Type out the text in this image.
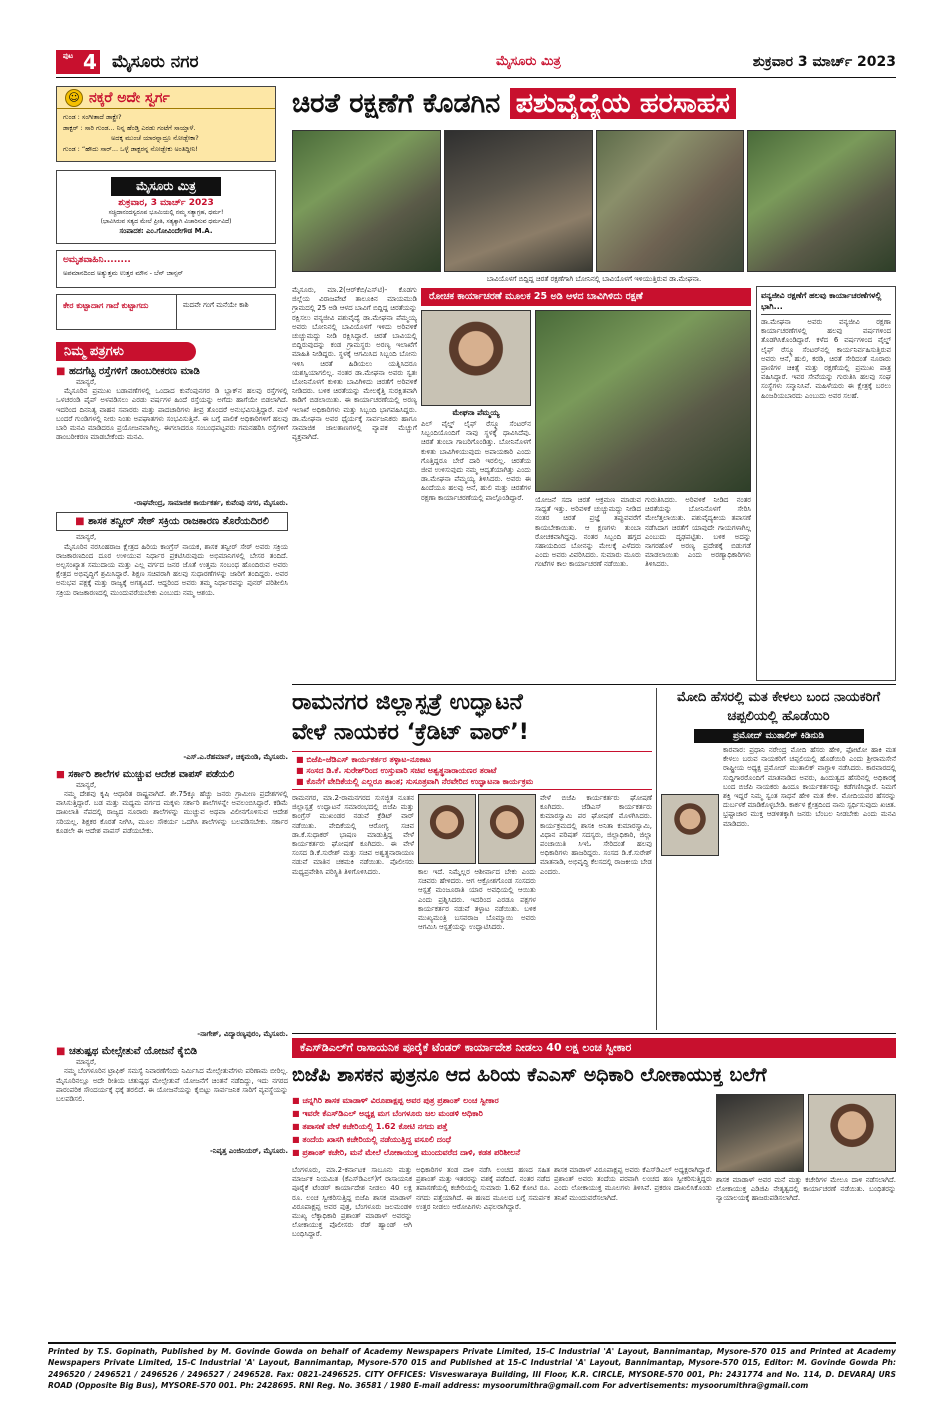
ಪುಟ 4 ಮೈಸೂರು ನಗರ	ಮೈಸೂರು ಮಿತ್ರ	ಶುಕ್ರವಾರ 3 ಮಾರ್ಚ್ 2023
☺ ನಕ್ಕರೆ ಅದೇ ಸ್ವರ್ಗ
ಗುಂಡ : ಸಂಗೀತಾದೆ ಡಾಕ್ಟ್ರೇ?
ಡಾಕ್ಟರ್ : ಸಾರಿ ಗುಂಡ... ನಿನ್ನ ಹೆಂಡ್ತಿ ಎರಡು ಗಂಟೆಗೆ ಸಾಯ್ತಾಳೆ.
ಅದಕ್ಕ ಮುಂಚೆ ಯಾರನ್ನಾದ್ರೂ ನೋಡ್ಬೇಕಾ?
ಗುಂಡ : “ಹೌದು ಸಾರ್... ಒಳ್ಳೆ ಡಾಕ್ಟರನ್ನ ನೋಡ್ಬೇಕು ಅಂತಿದ್ದೀನಿ!
ಮೈಸೂರು ಮಿತ್ರ
ಶುಕ್ರವಾರ, 3 ಮಾರ್ಚ್ 2023
ಸಚ್ಚಿದಾನಂದಸ್ವರೂಪ ಭೂಮಿಯಲ್ಲಿ ನಮ್ಮ ಸತ್ಯಾಗ್ರಹ, ಧರ್ಮ!
(ಭಾವಿಸಿರುವ ಸತ್ಯದ ಮೇಲೆ ಪ್ರೀತಿ, ಸತ್ಯಕ್ಕಾಗಿ ವಿಚಾರಿಸುವ ಧರ್ಮವಿದೆ)
ಸಂಪಾದಕ: ಎಂ.ಗೋವಿಂದೇಗೌಡ M.A.
ಅಮೃತವಾಹಿನಿ........
ಅಪಮಾನದಿಂದ ಅತ್ಯುತ್ತಮ ಉತ್ತರ ಮೌನ - ಬೆನ್ ಜಾನ್ಸನ್
ಕೇರ ಕುಟ್ಟಾದಾಗ ಗಾದೆ ಕುಟ್ಟಾಗದು	ಮದವೇ ಗಂಗೆ ಮನೆಯೇ ಕಾಶಿ
ನಿಮ್ಮ ಪತ್ರಗಳು
■ ಹದಗೆಟ್ಟ ರಸ್ತೆಗಳಿಗೆ ಡಾಂಬರೀಕರಣ ಮಾಡಿ
ಮಾನ್ಯರೆ,
ಮೈಸೂರಿನ ಪ್ರಮುಖ ಬಡಾವಣೆಗಳಲ್ಲಿ ಒಂದಾದ ಕುವೆಂಪುನಗರ ಡಿ ಬ್ಲಾಕ್‌ನ ಹಲವು ರಸ್ತೆಗಳಲ್ಲಿ ಒಳಚರಂಡಿ ಪೈಪ್ ಅಳವಡಿಸಲು ಎರಡು ವರ್ಷಗಳ ಹಿಂದೆ ರಸ್ತೆಯನ್ನು ಅಗೆದು ಹಾಗೆಯೇ ಬಿಡಲಾಗಿದೆ. ಇದರಿಂದ ದಿನನಿತ್ಯ ವಾಹನ ಸವಾರರು ಮತ್ತು ಪಾದಚಾರಿಗಳು ತೀವ್ರ ತೊಂದರೆ ಅನುಭವಿಸುತ್ತಿದ್ದಾರೆ. ಮಳೆ ಬಂದರೆ ಗುಂಡಿಗಳಲ್ಲಿ ನೀರು ನಿಂತು ಅಪಘಾತಗಳು ಸಂಭವಿಸುತ್ತಿವೆ. ಈ ಬಗ್ಗೆ ಪಾಲಿಕೆ ಅಧಿಕಾರಿಗಳಿಗೆ ಹಲವು ಬಾರಿ ಮನವಿ ಮಾಡಿದರೂ ಪ್ರಯೋಜನವಾಗಿಲ್ಲ. ಈಗಲಾದರೂ ಸಂಬಂಧಪಟ್ಟವರು ಗಮನಹರಿಸಿ ರಸ್ತೆಗಳಿಗೆ ಡಾಂಬರೀಕರಣ ಮಾಡಬೇಕೆಂದು ಮನವಿ.
-ರಾಘವೇಂದ್ರ, ಸಾಮಾಜಿಕ ಕಾರ್ಯಕರ್ತ, ಕುವೆಂಪು ನಗರ, ಮೈಸೂರು.
■ ಶಾಸಕ ತನ್ವೀರ್ ಸೇಠ್ ಸಕ್ರಿಯ ರಾಜಕಾರಣ ತೊರೆಯದಿರಲಿ
ಮಾನ್ಯರೆ,
ಮೈಸೂರಿನ ನರಸಿಂಹರಾಜ ಕ್ಷೇತ್ರದ ಹಿರಿಯ ಕಾಂಗ್ರೆಸ್ ನಾಯಕ, ಶಾಸಕ ತನ್ವೀರ್ ಸೇಠ್ ಅವರು ಸಕ್ರಿಯ ರಾಜಕಾರಣದಿಂದ ದೂರ ಉಳಿಯುವ ನಿರ್ಧಾರ ಪ್ರಕಟಿಸಿರುವುದು ಅಭಿಮಾನಿಗಳಲ್ಲಿ ಬೇಸರ ತಂದಿದೆ. ಅಲ್ಪಸಂಖ್ಯಾತ ಸಮುದಾಯ ಮತ್ತು ಎಲ್ಲ ವರ್ಗದ ಜನರ ಜೊತೆ ಉತ್ತಮ ಸಂಬಂಧ ಹೊಂದಿರುವ ಅವರು ಕ್ಷೇತ್ರದ ಅಭಿವೃದ್ಧಿಗೆ ಶ್ರಮಿಸಿದ್ದಾರೆ. ಶಿಕ್ಷಣ ಸಚಿವರಾಗಿ ಹಲವು ಸುಧಾರಣೆಗಳನ್ನು ಜಾರಿಗೆ ತಂದಿದ್ದರು. ಅವರ ಅನುಭವ ಪಕ್ಷಕ್ಕೆ ಮತ್ತು ರಾಜ್ಯಕ್ಕೆ ಅಗತ್ಯವಿದೆ. ಆದ್ದರಿಂದ ಅವರು ತಮ್ಮ ನಿರ್ಧಾರವನ್ನು ಪುನರ್ ಪರಿಶೀಲಿಸಿ ಸಕ್ರಿಯ ರಾಜಕಾರಣದಲ್ಲಿ ಮುಂದುವರೆಯಬೇಕು ಎಂಬುದು ನಮ್ಮ ಆಶಯ.
-ಎಸ್.ಎ.ರೆಹಮಾನ್, ಚಿಕ್ಕಮಂಡಿ, ಮೈಸೂರು.
■ ಸರ್ಕಾರಿ ಶಾಲೆಗಳ ಮುಚ್ಚುವ ಆದೇಶ ವಾಪಸ್ ಪಡೆಯಲಿ
ಮಾನ್ಯರೆ,
ನಮ್ಮ ದೇಶವು ಕೃಷಿ ಆಧಾರಿತ ರಾಷ್ಟ್ರವಾಗಿದೆ. ಶೇ.75ಕ್ಕೂ ಹೆಚ್ಚು ಜನರು ಗ್ರಾಮೀಣ ಪ್ರದೇಶಗಳಲ್ಲಿ ವಾಸಿಸುತ್ತಿದ್ದಾರೆ. ಬಡ ಮತ್ತು ಮಧ್ಯಮ ವರ್ಗದ ಮಕ್ಕಳು ಸರ್ಕಾರಿ ಶಾಲೆಗಳನ್ನೇ ಅವಲಂಬಿಸಿದ್ದಾರೆ. ಕಡಿಮೆ ದಾಖಲಾತಿ ನೆಪದಲ್ಲಿ ರಾಜ್ಯದ ನೂರಾರು ಶಾಲೆಗಳನ್ನು ಮುಚ್ಚುವ ಅಥವಾ ವಿಲೀನಗೊಳಿಸುವ ಆದೇಶ ಸರಿಯಲ್ಲ. ಶಿಕ್ಷಕರ ಕೊರತೆ ನೀಗಿಸಿ, ಮೂಲ ಸೌಕರ್ಯ ಒದಗಿಸಿ ಶಾಲೆಗಳನ್ನು ಬಲಪಡಿಸಬೇಕು. ಸರ್ಕಾರ ಕೂಡಲೇ ಈ ಆದೇಶ ವಾಪಸ್ ಪಡೆಯಬೇಕು.
-ನಾಗೇಶ್, ವಿದ್ಯಾರಣ್ಯಪುರಂ, ಮೈಸೂರು.
■ ಚತುಷ್ಪಥ ಮೇಲ್ಸೇತುವೆ ಯೋಜನೆ ಕೈಬಿಡಿ
ಮಾನ್ಯರೆ,
ನಮ್ಮ ಬೆಂಗಳೂರಿನ ಟ್ರಾಫಿಕ್ ಸಮಸ್ಯೆ ನಿವಾರಣೆಗೆಂದು ನಿರ್ಮಿಸಿದ ಮೇಲ್ಸೇತುವೆಗಳು ಪರಿಣಾಮ ಬೀರಿಲ್ಲ. ಮೈಸೂರಿನಲ್ಲೂ ಅದೇ ರೀತಿಯ ಚತುಷ್ಪಥ ಮೇಲ್ಸೇತುವೆ ಯೋಜನೆಗೆ ಚಿಂತನೆ ನಡೆದಿದ್ದು, ಇದು ನಗರದ ಪಾರಂಪರಿಕ ಸೌಂದರ್ಯಕ್ಕೆ ಧಕ್ಕೆ ತರಲಿದೆ. ಈ ಯೋಜನೆಯನ್ನು ಕೈಬಿಟ್ಟು ಸಾರ್ವಜನಿಕ ಸಾರಿಗೆ ವ್ಯವಸ್ಥೆಯನ್ನು ಬಲಪಡಿಸಲಿ.
-ನಿವೃತ್ತ ಎಂಜಿನಿಯರ್, ಮೈಸೂರು.
ಚಿರತೆ ರಕ್ಷಣೆಗೆ ಕೊಡಗಿನ ಪಶುವೈದ್ಯೆಯ ಹರಸಾಹಸ
ಬಾವಿಯೊಳಗೆ ಬಿದ್ದಿದ್ದ ಚಿರತೆ ರಕ್ಷಣೆಗಾಗಿ ಬೋನಿನಲ್ಲಿ ಬಾವಿಯೊಳಗೆ ಇಳಿಯುತ್ತಿರುವ ಡಾ.ಮೇಘನಾ.
ಮೈಸೂರು, ಮಾ.2(ಆರ್‌ಕೆಬಿ/ಎಸ್‌ಟಿ)- ಕೊಡಗು ಜಿಲ್ಲೆಯ ವಿರಾಜಪೇಟೆ ತಾಲೂಕಿನ ಮಾಯಮುಡಿ ಗ್ರಾಮದಲ್ಲಿ 25 ಅಡಿ ಆಳದ ಬಾವಿಗೆ ಬಿದ್ದಿದ್ದ ಚಿರತೆಯನ್ನು ರಕ್ಷಿಸಲು ವನ್ಯಜೀವಿ ಪಶುವೈದ್ಯೆ ಡಾ.ಮೇಘನಾ ಪೆಮ್ಮಯ್ಯ ಅವರು ಬೋನಿನಲ್ಲಿ ಬಾವಿಯೊಳಗೆ ಇಳಿದು ಅರಿವಳಿಕೆ ಚುಚ್ಚುಮದ್ದು ನೀಡಿ ರಕ್ಷಿಸಿದ್ದಾರೆ. ಚಿರತೆ ಬಾವಿಯಲ್ಲಿ ಬಿದ್ದಿರುವುದನ್ನು ಕಂಡ ಗ್ರಾಮಸ್ಥರು ಅರಣ್ಯ ಇಲಾಖೆಗೆ ಮಾಹಿತಿ ನೀಡಿದ್ದರು. ಸ್ಥಳಕ್ಕೆ ಆಗಮಿಸಿದ ಸಿಬ್ಬಂದಿ ಬೋನು ಇಳಿಸಿ ಚಿರತೆ ಹಿಡಿಯಲು ಯತ್ನಿಸಿದರೂ ಯಶಸ್ವಿಯಾಗಲಿಲ್ಲ. ನಂತರ ಡಾ.ಮೇಘನಾ ಅವರು ಸ್ವತಃ ಬೋನಿನೊಳಗೆ ಕುಳಿತು ಬಾವಿಗಿಳಿದು ಚಿರತೆಗೆ ಅರಿವಳಿಕೆ ನೀಡಿದರು. ಬಳಿಕ ಚಿರತೆಯನ್ನು ಮೇಲಕ್ಕೆತ್ತಿ ಸುರಕ್ಷಿತವಾಗಿ ಕಾಡಿಗೆ ಬಿಡಲಾಯಿತು. ಈ ಕಾರ್ಯಾಚರಣೆಯಲ್ಲಿ ಅರಣ್ಯ ಇಲಾಖೆ ಅಧಿಕಾರಿಗಳು ಮತ್ತು ಸಿಬ್ಬಂದಿ ಭಾಗವಹಿಸಿದ್ದರು. ಡಾ.ಮೇಘನಾ ಅವರ ಧೈರ್ಯಕ್ಕೆ ಸಾರ್ವಜನಿಕರು ಹಾಗೂ ಸಾಮಾಜಿಕ ಜಾಲತಾಣಗಳಲ್ಲಿ ವ್ಯಾಪಕ ಮೆಚ್ಚುಗೆ ವ್ಯಕ್ತವಾಗಿದೆ.
ರೋಚಕ ಕಾರ್ಯಾಚರಣೆ ಮೂಲಕ 25 ಅಡಿ ಆಳದ ಬಾವಿಗಿಳಿದು ರಕ್ಷಣೆ
ಮೇಘನಾ ಪೆಮ್ಮಯ್ಯ
ಪಿಲ್ ವೈಲ್ಡ್ ಲೈಫ್ ರೆಸ್ಕ್ಯೂ ಸೆಂಟರ್‌ನ ಸಿಬ್ಬಂದಿಯೊಂದಿಗೆ ನಾವು ಸ್ಥಳಕ್ಕೆ ಧಾವಿಸಿದೆವು. ಚಿರತೆ ತುಂಬಾ ಗಾಬರಿಗೊಂಡಿತ್ತು. ಬೋನಿನೊಳಗೆ ಕುಳಿತು ಬಾವಿಗಿಳಿಯುವುದು ಅಪಾಯಕಾರಿ ಎಂದು ಗೊತ್ತಿದ್ದರೂ ಬೇರೆ ದಾರಿ ಇರಲಿಲ್ಲ. ಚಿರತೆಯ ಜೀವ ಉಳಿಸುವುದು ನಮ್ಮ ಆದ್ಯತೆಯಾಗಿತ್ತು ಎಂದು ಡಾ.ಮೇಘನಾ ಪೆಮ್ಮಯ್ಯ ತಿಳಿಸಿದರು. ಅವರು ಈ ಹಿಂದೆಯೂ ಹಲವು ಆನೆ, ಹುಲಿ ಮತ್ತು ಚಿರತೆಗಳ ರಕ್ಷಣಾ ಕಾರ್ಯಾಚರಣೆಯಲ್ಲಿ ಪಾಲ್ಗೊಂಡಿದ್ದಾರೆ.	ಯೋಜನೆ ಸದಾ ಚಿರತೆ ಆಕ್ರಮಣ ಮಾಡುವ ಸಾಧ್ಯತೆ ಇತ್ತು. ಅರಿವಳಿಕೆ ಚುಚ್ಚುಮದ್ದು ನೀಡಿದ ನಂತರ ಚಿರತೆ ಪ್ರಜ್ಞೆ ತಪ್ಪುವವರೆಗೆ ಕಾಯಬೇಕಾಯಿತು. ಆ ಕ್ಷಣಗಳು ತುಂಬಾ ರೋಚಕವಾಗಿದ್ದವು. ನಂತರ ಸಿಬ್ಬಂದಿ ಹಗ್ಗದ ಸಹಾಯದಿಂದ ಬೋನನ್ನು ಮೇಲಕ್ಕೆ ಎಳೆದರು ಎಂದು ಅವರು ವಿವರಿಸಿದರು. ಸುಮಾರು ಮೂರು ಗಂಟೆಗಳ ಕಾಲ ಕಾರ್ಯಾಚರಣೆ ನಡೆಯಿತು.
ಗುರುತಿಸಿದರು. ಅರಿವಳಿಕೆ ನೀಡಿದ ನಂತರ ಚಿರತೆಯನ್ನು ಬೋನಿನೊಳಗೆ ಸೇರಿಸಿ ಮೇಲೆತ್ತಲಾಯಿತು. ಪಶುವೈದ್ಯಕೀಯ ತಪಾಸಣೆ ನಡೆಸಿದಾಗ ಚಿರತೆಗೆ ಯಾವುದೇ ಗಾಯಗಳಾಗಿಲ್ಲ ಎಂಬುದು ದೃಢಪಟ್ಟಿತು. ಬಳಿಕ ಅದನ್ನು ನಾಗರಹೊಳೆ ಅರಣ್ಯ ಪ್ರದೇಶಕ್ಕೆ ಬಿಡುಗಡೆ ಮಾಡಲಾಯಿತು ಎಂದು ಅರಣ್ಯಾಧಿಕಾರಿಗಳು ತಿಳಿಸಿದರು.
ವನ್ಯಜೀವಿ ರಕ್ಷಣೆಗೆ ಹಲವು ಕಾರ್ಯಾಚರಣೆಗಳಲ್ಲಿ ಭಾಗಿ...
ಡಾ.ಮೇಘನಾ ಅವರು ವನ್ಯಜೀವಿ ರಕ್ಷಣಾ ಕಾರ್ಯಾಚರಣೆಗಳಲ್ಲಿ ಹಲವು ವರ್ಷಗಳಿಂದ ತೊಡಗಿಸಿಕೊಂಡಿದ್ದಾರೆ. ಕಳೆದ 6 ವರ್ಷಗಳಿಂದ ವೈಲ್ಡ್ ಲೈಫ್ ರೆಸ್ಕ್ಯೂ ಸೆಂಟರ್‌ನಲ್ಲಿ ಕಾರ್ಯನಿರ್ವಹಿಸುತ್ತಿರುವ ಅವರು ಆನೆ, ಹುಲಿ, ಕರಡಿ, ಚಿರತೆ ಸೇರಿದಂತೆ ನೂರಾರು ಪ್ರಾಣಿಗಳ ಚಿಕಿತ್ಸೆ ಮತ್ತು ರಕ್ಷಣೆಯಲ್ಲಿ ಪ್ರಮುಖ ಪಾತ್ರ ವಹಿಸಿದ್ದಾರೆ. ಇವರ ಸೇವೆಯನ್ನು ಗುರುತಿಸಿ ಹಲವು ಸಂಘ ಸಂಸ್ಥೆಗಳು ಸನ್ಮಾನಿಸಿವೆ. ಮಹಿಳೆಯರು ಈ ಕ್ಷೇತ್ರಕ್ಕೆ ಬರಲು ಹಿಂಜರಿಯಬಾರದು ಎಂಬುದು ಅವರ ಸಲಹೆ.
ರಾಮನಗರ ಜಿಲ್ಲಾಸ್ಪತ್ರೆ ಉದ್ಘಾಟನೆ
ವೇಳೆ ನಾಯಕರ ‘ಕ್ರೆಡಿಟ್ ವಾರ್’!
■ ಬಿಜೆಪಿ-ಜೆಡಿಎಸ್ ಕಾರ್ಯಕರ್ತರ ತಳ್ಳಾಟ-ನೂಕಾಟ
■ ಸಂಸದ ಡಿ.ಕೆ. ಸುರೇಶ್‌ರಿಂದ ಉಸ್ತುವಾರಿ ಸಚಿವ ಅಶ್ವತ್ಥನಾರಾಯಣರ ತರಾಟೆ
■ ಕೊನೆಗೆ ವೇದಿಕೆಯಲ್ಲಿ ಎಲ್ಲರೂ ಶಾಂತ; ಸುಸೂತ್ರವಾಗಿ ನೆರವೇರಿದ ಉದ್ಘಾಟನಾ ಕಾರ್ಯಕ್ರಮ
ರಾಮನಗರ, ಮಾ.2-ರಾಮನಗರದ ಸುಸಜ್ಜಿತ ನೂತನ ಜಿಲ್ಲಾಸ್ಪತ್ರೆ ಉದ್ಘಾಟನೆ ಸಮಾರಂಭದಲ್ಲಿ ಬಿಜೆಪಿ ಮತ್ತು ಕಾಂಗ್ರೆಸ್ ಮುಖಂಡರ ನಡುವೆ ಕ್ರೆಡಿಟ್ ವಾರ್ ನಡೆಯಿತು. ವೇದಿಕೆಯಲ್ಲಿ ಆರೋಗ್ಯ ಸಚಿವ ಡಾ.ಕೆ.ಸುಧಾಕರ್ ಭಾಷಣ ಮಾಡುತ್ತಿದ್ದ ವೇಳೆ ಕಾರ್ಯಕರ್ತರು ಘೋಷಣೆ ಕೂಗಿದರು. ಈ ವೇಳೆ ಸಂಸದ ಡಿ.ಕೆ.ಸುರೇಶ್ ಮತ್ತು ಸಚಿವ ಅಶ್ವತ್ಥನಾರಾಯಣ ನಡುವೆ ಮಾತಿನ ಚಕಮಕಿ ನಡೆಯಿತು. ಪೊಲೀಸರು ಮಧ್ಯಪ್ರವೇಶಿಸಿ ಪರಿಸ್ಥಿತಿ ತಿಳಿಗೊಳಿಸಿದರು.	ಕಾಲ ಇದೆ. ನಿಮ್ಮೆಲ್ಲರ ಆಶೀರ್ವಾದ ಬೇಕು ಎಂದು ಸಚಿವರು ಹೇಳಿದರು. ಆಗ ಆಕ್ರೋಶಗೊಂಡ ಸಂಸದರು ಆಸ್ಪತ್ರೆ ಮಂಜೂರಾತಿ ಯಾರ ಅವಧಿಯಲ್ಲಿ ಆಯಿತು ಎಂದು ಪ್ರಶ್ನಿಸಿದರು. ಇದರಿಂದ ಎರಡೂ ಪಕ್ಷಗಳ ಕಾರ್ಯಕರ್ತರ ನಡುವೆ ತಳ್ಳಾಟ ನಡೆಯಿತು. ಬಳಿಕ ಮುಖ್ಯಮಂತ್ರಿ ಬಸವರಾಜ ಬೊಮ್ಮಾಯಿ ಅವರು ಆಗಮಿಸಿ ಆಸ್ಪತ್ರೆಯನ್ನು ಉದ್ಘಾಟಿಸಿದರು.
ವೇಳೆ ಬಿಜೆಪಿ ಕಾರ್ಯಕರ್ತರು ಘೋಷಣೆ ಕೂಗಿದರು. ಜೆಡಿಎಸ್ ಕಾರ್ಯಕರ್ತರು ಕುಮಾರಸ್ವಾಮಿ ಪರ ಘೋಷಣೆ ಮೊಳಗಿಸಿದರು. ಕಾರ್ಯಕ್ರಮದಲ್ಲಿ ಶಾಸಕಿ ಅನಿತಾ ಕುಮಾರಸ್ವಾಮಿ, ವಿಧಾನ ಪರಿಷತ್ ಸದಸ್ಯರು, ಜಿಲ್ಲಾಧಿಕಾರಿ, ಜಿಲ್ಲಾ ಪಂಚಾಯಿತಿ ಸಿಇಓ ಸೇರಿದಂತೆ ಹಲವು ಅಧಿಕಾರಿಗಳು ಹಾಜರಿದ್ದರು. ಸಂಸದ ಡಿ.ಕೆ.ಸುರೇಶ್ ಮಾತನಾಡಿ, ಅಭಿವೃದ್ಧಿ ಕೆಲಸದಲ್ಲಿ ರಾಜಕೀಯ ಬೇಡ ಎಂದರು.
ಮೋದಿ ಹೆಸರಲ್ಲಿ ಮತ ಕೇಳಲು ಬಂದ ನಾಯಕರಿಗೆ ಚಪ್ಪಲಿಯಲ್ಲಿ ಹೊಡೆಯಿರಿ
ಪ್ರಮೋದ್ ಮುತಾಲಿಕ್ ಕಿಡಿನುಡಿ
ಕಾರವಾರ: ಪ್ರಧಾನಿ ನರೇಂದ್ರ ಮೋದಿ ಹೆಸರು ಹೇಳಿ, ಫೋಟೋ ಹಾಕಿ ಮತ ಕೇಳಲು ಬರುವ ನಾಯಕರಿಗೆ ಚಪ್ಪಲಿಯಲ್ಲಿ ಹೊಡೆಯಿರಿ ಎಂದು ಶ್ರೀರಾಮಸೇನೆ ರಾಷ್ಟ್ರೀಯ ಅಧ್ಯಕ್ಷ ಪ್ರಮೋದ್ ಮುತಾಲಿಕ್ ವಾಗ್ದಾಳಿ ನಡೆಸಿದರು. ಕಾರವಾರದಲ್ಲಿ ಸುದ್ದಿಗಾರರೊಂದಿಗೆ ಮಾತನಾಡಿದ ಅವರು, ಹಿಂದುತ್ವದ ಹೆಸರಿನಲ್ಲಿ ಅಧಿಕಾರಕ್ಕೆ ಬಂದ ಬಿಜೆಪಿ ನಾಯಕರು ಹಿಂದೂ ಕಾರ್ಯಕರ್ತರನ್ನು ಕಡೆಗಣಿಸಿದ್ದಾರೆ. ನಿಮಗೆ ಶಕ್ತಿ ಇದ್ದರೆ ನಿಮ್ಮ ಸ್ವಂತ ಸಾಧನೆ ಹೇಳಿ ಮತ ಕೇಳಿ. ಮೋದಿಯವರ ಹೆಸರನ್ನು ದುರ್ಬಳಕೆ ಮಾಡಿಕೊಳ್ಳಬೇಡಿ. ಕಾರ್ಕಳ ಕ್ಷೇತ್ರದಿಂದ ನಾನು ಸ್ಪರ್ಧಿಸುವುದು ಖಚಿತ. ಭ್ರಷ್ಟಾಚಾರ ಮುಕ್ತ ಆಡಳಿತಕ್ಕಾಗಿ ಜನರು ಬೆಂಬಲ ನೀಡಬೇಕು ಎಂದು ಮನವಿ ಮಾಡಿದರು.
ಕೆಎಸ್‌ಡಿಎಲ್‌ಗೆ ರಾಸಾಯನಿಕ ಪೂರೈಕೆ ಟೆಂಡರ್ ಕಾರ್ಯಾದೇಶ ನೀಡಲು 40 ಲಕ್ಷ ಲಂಚ ಸ್ವೀಕಾರ
ಬಿಜೆಪಿ ಶಾಸಕನ ಪುತ್ರನೂ ಆದ ಹಿರಿಯ ಕೆಎಎಸ್ ಅಧಿಕಾರಿ ಲೋಕಾಯುಕ್ತ ಬಲೆಗೆ
■ ಚನ್ನಗಿರಿ ಶಾಸಕ ಮಾಡಾಳ್ ವಿರೂಪಾಕ್ಷಪ್ಪ ಅವರ ಪುತ್ರ ಪ್ರಶಾಂತ್ ಲಂಚ ಸ್ವೀಕಾರ
■ ಇವರೇ ಕೆಎಸ್‌ಡಿಎಲ್ ಅಧ್ಯಕ್ಷ ಮಗ ಬೆಂಗಳೂರು ಜಲ ಮಂಡಳಿ ಅಧಿಕಾರಿ
■ ತಪಾಸಣೆ ವೇಳೆ ಕಚೇರಿಯಲ್ಲಿ 1.62 ಕೋಟಿ ನಗದು ಪತ್ತೆ
■ ತಂದೆಯ ಖಾಸಗಿ ಕಚೇರಿಯಲ್ಲಿ ನಡೆಯುತ್ತಿದ್ದ ವಸೂಲಿ ದಂಧೆ
■ ಪ್ರಶಾಂತ್ ಕಚೇರಿ, ಮನೆ ಮೇಲೆ ಲೋಕಾಯುಕ್ತ ಮುಂದುವರೆದ ದಾಳಿ, ಕಡತ ಪರಿಶೀಲನೆ
ಬೆಂಗಳೂರು, ಮಾ.2-ಕರ್ನಾಟಕ ಸಾಬೂನು ಮತ್ತು ಮಾರ್ಜಕ ನಿಯಮಿತ (ಕೆಎಸ್‌ಡಿಎಲ್)ಗೆ ರಾಸಾಯನಿಕ ಪೂರೈಕೆ ಟೆಂಡರ್ ಕಾರ್ಯಾದೇಶ ನೀಡಲು 40 ಲಕ್ಷ ರೂ. ಲಂಚ ಸ್ವೀಕರಿಸುತ್ತಿದ್ದ ಬಿಜೆಪಿ ಶಾಸಕ ಮಾಡಾಳ್ ವಿರೂಪಾಕ್ಷಪ್ಪ ಅವರ ಪುತ್ರ, ಬೆಂಗಳೂರು ಜಲಮಂಡಳಿ ಮುಖ್ಯ ಲೆಕ್ಕಾಧಿಕಾರಿ ಪ್ರಶಾಂತ್ ಮಾಡಾಳ್ ಅವರನ್ನು ಲೋಕಾಯುಕ್ತ ಪೊಲೀಸರು ರೆಡ್ ಹ್ಯಾಂಡ್ ಆಗಿ ಬಂಧಿಸಿದ್ದಾರೆ.
ಅಧಿಕಾರಿಗಳ ತಂಡ ದಾಳಿ ನಡೆಸಿ ಲಂಚದ ಹಣದ ಸಹಿತ ಪ್ರಶಾಂತ್ ಮತ್ತು ಇತರರನ್ನು ವಶಕ್ಕೆ ಪಡೆದಿದೆ. ನಂತರ ನಡೆದ ತಪಾಸಣೆಯಲ್ಲಿ ಕಚೇರಿಯಲ್ಲಿ ಸುಮಾರು 1.62 ಕೋಟಿ ರೂ. ನಗದು ಪತ್ತೆಯಾಗಿದೆ. ಈ ಹಣದ ಮೂಲದ ಬಗ್ಗೆ ಸಮರ್ಪಕ ಉತ್ತರ ನೀಡಲು ಆರೋಪಿಗಳು ವಿಫಲರಾಗಿದ್ದಾರೆ.
ಶಾಸಕ ಮಾಡಾಳ್ ವಿರೂಪಾಕ್ಷಪ್ಪ ಅವರು ಕೆಎಸ್‌ಡಿಎಲ್ ಅಧ್ಯಕ್ಷರಾಗಿದ್ದಾರೆ. ಪ್ರಶಾಂತ್ ಅವರು ತಂದೆಯ ಪರವಾಗಿ ಲಂಚದ ಹಣ ಸ್ವೀಕರಿಸುತ್ತಿದ್ದರು ಎಂದು ಲೋಕಾಯುಕ್ತ ಮೂಲಗಳು ತಿಳಿಸಿವೆ. ಪ್ರಕರಣ ದಾಖಲಿಸಿಕೊಂಡು ತನಿಖೆ ಮುಂದುವರೆಸಲಾಗಿದೆ.
ಶಾಸಕ ಮಾಡಾಳ್ ಅವರ ಮನೆ ಮತ್ತು ಕಚೇರಿಗಳ ಮೇಲೂ ದಾಳಿ ನಡೆಸಲಾಗಿದೆ. ಲೋಕಾಯುಕ್ತ ಎಡಿಜಿಪಿ ನೇತೃತ್ವದಲ್ಲಿ ಕಾರ್ಯಾಚರಣೆ ನಡೆಯಿತು. ಬಂಧಿತರನ್ನು ನ್ಯಾಯಾಲಯಕ್ಕೆ ಹಾಜರುಪಡಿಸಲಾಗಿದೆ.
Printed by T.S. Gopinath, Published by M. Govinde Gowda on behalf of Academy Newspapers Private Limited, 15-C Industrial 'A' Layout, Bannimantap, Mysore-570 015 and Printed at Academy Newspapers Private Limited, 15-C Industrial 'A' Layout, Bannimantap, Mysore-570 015 and Published at 15-C Industrial 'A' Layout, Bannimantap, Mysore-570 015, Editor: M. Govinde Gowda Ph: 2496520 / 2496521 / 2496526 / 2496527 / 2496528. Fax: 0821-2496525. CITY OFFICES: Visveswaraya Building, III Floor, K.R. CIRCLE, MYSORE-570 001, Ph: 2431774 and No. 114, D. DEVARAJ URS ROAD (Opposite Big Bus), MYSORE-570 001. Ph: 2428695. RNI Reg. No. 36581 / 1980 E-mail address: mysoorumithra@gmail.com For advertisements: mysoorumithra@gmail.com
